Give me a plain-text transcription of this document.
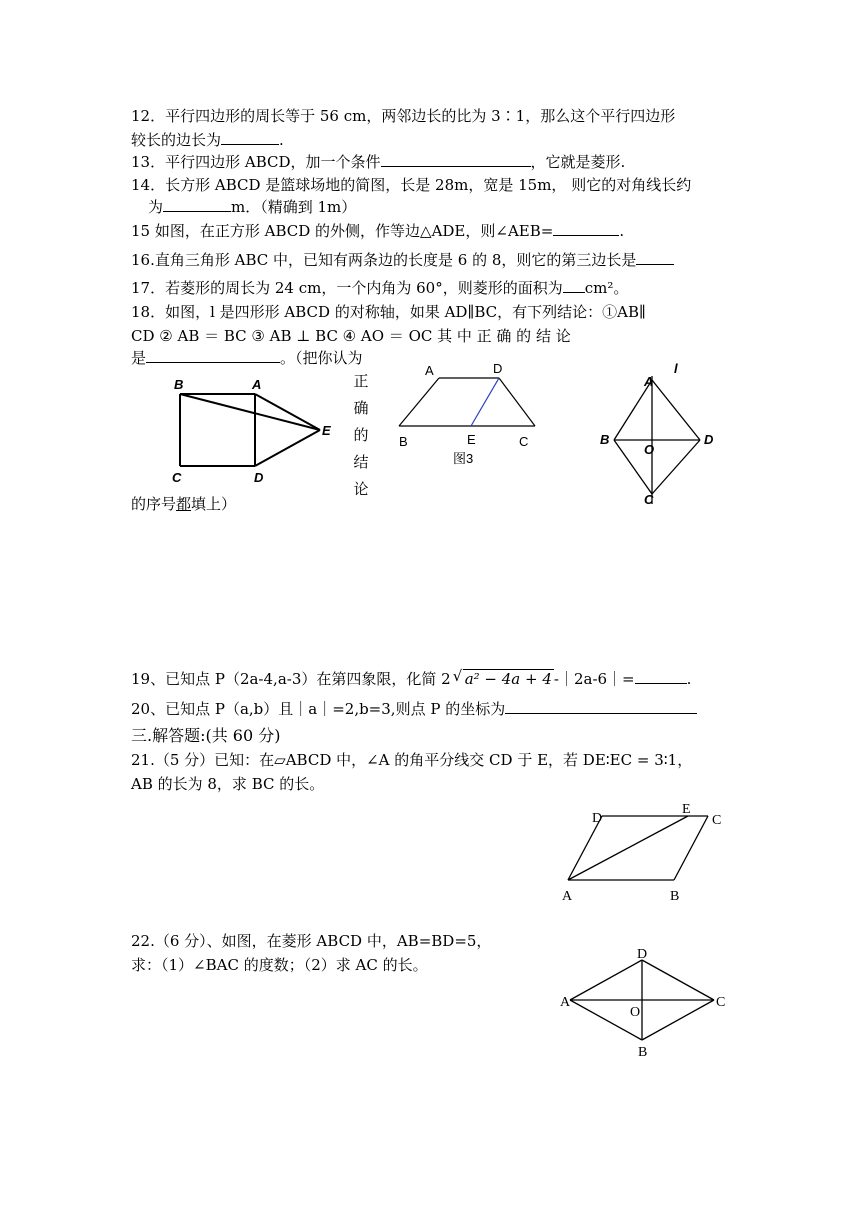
12．平行四边形的周长等于 56 cm，两邻边长的比为 3∶1，那么这个平行四边形
较长的边长为	.
13．平行四边形 ABCD，加一个条件	，它就是菱形.
14．长方形 ABCD 是篮球场地的简图，长是 28m，宽是 15m， 则它的对角线长约
为	m．（精确到 1m）
15 如图，在正方形 ABCD 的外侧，作等边△ADE，则∠AEB=	.
16.直角三角形 ABC 中，已知有两条边的长度是 6 的 8，则它的第三边长是
17．若菱形的周长为 24 cm，一个内角为 60°，则菱形的面积为 cm²。
18．如图，l 是四形形 ABCD 的对称轴，如果 AD∥BC，有下列结论：①AB∥
CD ② AB ＝ BC ③ AB ⊥ BC ④ AO ＝ OC 其 中 正 确 的 结 论
是	。（把你认为
正
确
的
结
论
的序号都填上）
B	A
E
C	D
A	D
B	E	C
图3
l
A
B
O
D
C
19、已知点 P（2a-4,a-3）在第四象限，化简 2 √ a² − 4a + 4 -｜2a-6｜=	.
20、已知点 P（a,b）且｜a｜=2,b=3,则点 P 的坐标为
三.解答题:(共 60 分)
21.（5 分）已知：在▱ABCD 中，∠A 的角平分线交 CD 于 E，若 DE∶EC = 3∶1，
AB 的长为 8，求 BC 的长。
D
E
C
A	B
22.（6 分）、如图，在菱形 ABCD 中，AB=BD=5，
求：（1）∠BAC 的度数；（2）求 AC 的长。
D
A
O
C
B
